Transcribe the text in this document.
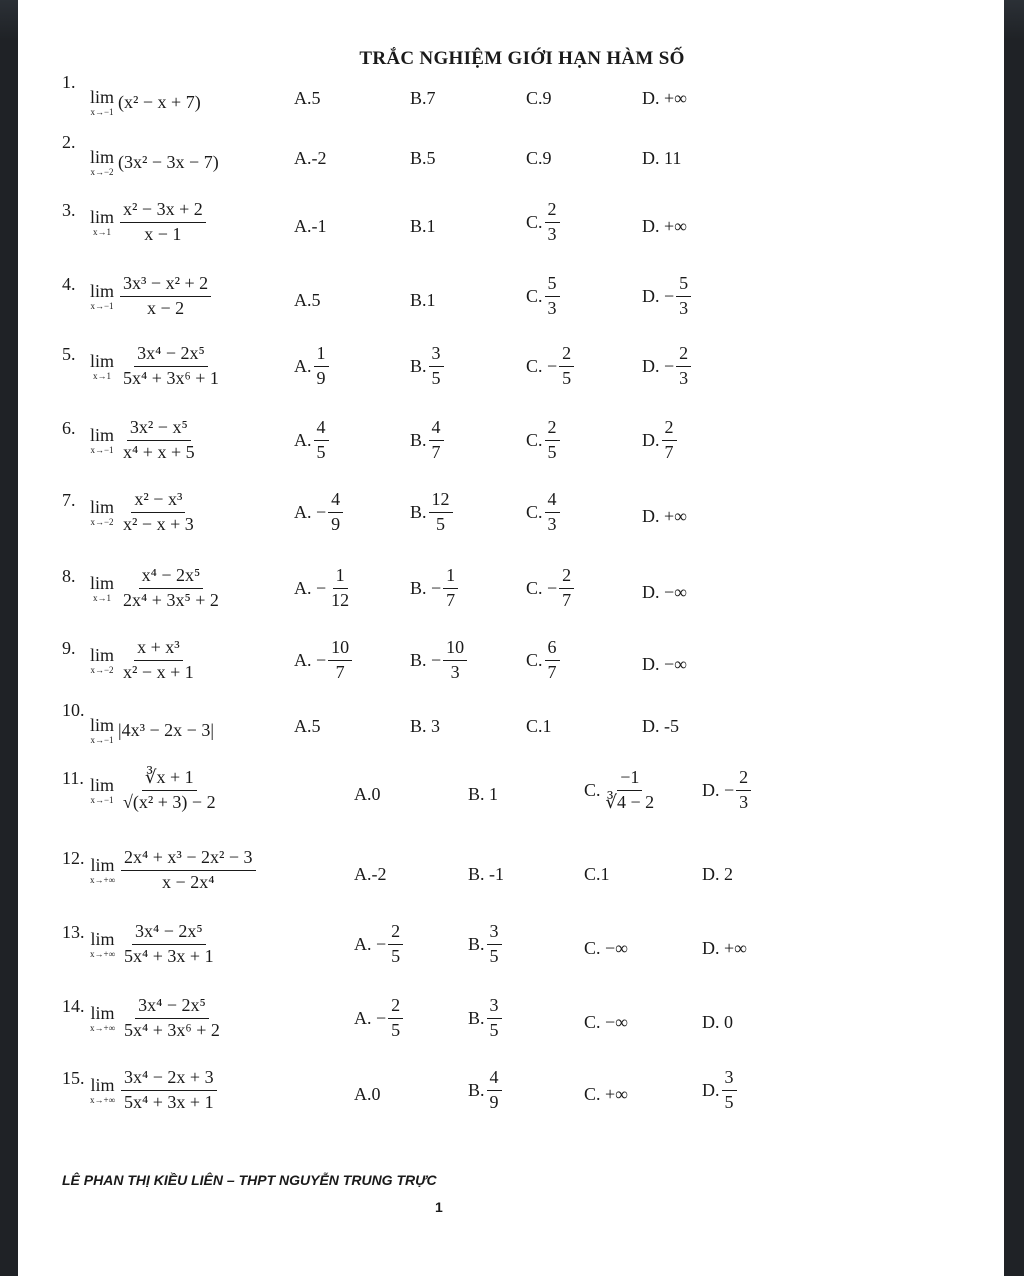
TRẮC NGHIỆM GIỚI HẠN HÀM SỐ
1.
lim
x→−1 (x² − x + 7)	A.5	B.7	C.9	D. +∞
2.
lim
x→−2 (3x² − 3x − 7)	A.-2	B.5	C.9	D. 11
3. lim
$x\to 1 \frac{\text{x² − 3x + 2}}{x - 1}$	A.-1	B.1	C. $\frac{2}{3}$	D. +∞
4. lim
$x\to-1 \frac{\text{3x³ − x² + 2}}{x - 2}$	A.5	B.1	C. $\frac{5}{3}$	D. − $\frac{5}{3}$
5. lim
$x\to 1 \frac{\text{3x⁴ − 2x⁵}}{\text{5x⁴ + 3x⁶ + 1}}$	A. $\frac{1}{9}$	B. $\frac{3}{5}$	C. − $\frac{2}{5}$	D. − $\frac{2}{3}$
6. lim
$x\to-1 \frac{\text{3x² − x⁵}}{\text{x⁴ + x + 5}}$	A. $\frac{4}{5}$	B. $\frac{4}{7}$	C. $\frac{2}{5}$	D. $\frac{2}{7}$
7. lim
$x\to-2 \frac{\text{x² − x³}}{\text{x² − x + 3}}$	A. − $\frac{4}{9}$	B. $\frac{12}{5}$	C. $\frac{4}{3}$	D. +∞
8. lim
$x\to 1 \frac{\text{x⁴ − 2x⁵}}{\text{2x⁴ + 3x⁵ + 2}}$	A. − $\frac{1}{12}$	B. − $\frac{1}{7}$	C. − $\frac{2}{7}$	D. −∞
9. lim
$x\to-2 \frac{\text{x + x³}}{\text{x² − x + 1}}$	A. − $\frac{10}{7}$	B. − $\frac{10}{3}$	C. $\frac{6}{7}$	D. −∞
10.
lim
x→−1 |4x³ − 2x − 3|	A.5	B. 3	C.1	D. -5
11. lim
$x\to-1 \frac{∛x + 1}{\text{√(x² + 3) − 2}}$	A.0	B. 1	C. $\frac{-1}{∛4 - 2} D$. − $\frac{2}{3}$
12. lim
$x\to+\infty \frac{\text{2x⁴ + x³ − 2x² − 3}}{\text{x − 2x⁴}}$	A.-2	B. -1	C.1	D. 2
13. lim
$x\to+\infty \frac{\text{3x⁴ − 2x⁵}}{\text{5x⁴ + 3x + 1}}$	A. − $\frac{2}{5}$	B. $\frac{3}{5}$	C. −∞	D. +∞
14. lim
$x\to+\infty \frac{\text{3x⁴ − 2x⁵}}{\text{5x⁴ + 3x⁶ + 2}}$	A. − $\frac{2}{5}$	B. $\frac{3}{5}$	C. −∞	D. 0
15. lim
$x\to+\infty \frac{\text{3x⁴ − 2x + 3}}{\text{5x⁴ + 3x + 1}}$	A.0	B. $\frac{4}{9}$	C. +∞	D. $\frac{3}{5}$
LÊ PHAN THỊ KIỀU LIÊN – THPT NGUYỄN TRUNG TRỰC
1
